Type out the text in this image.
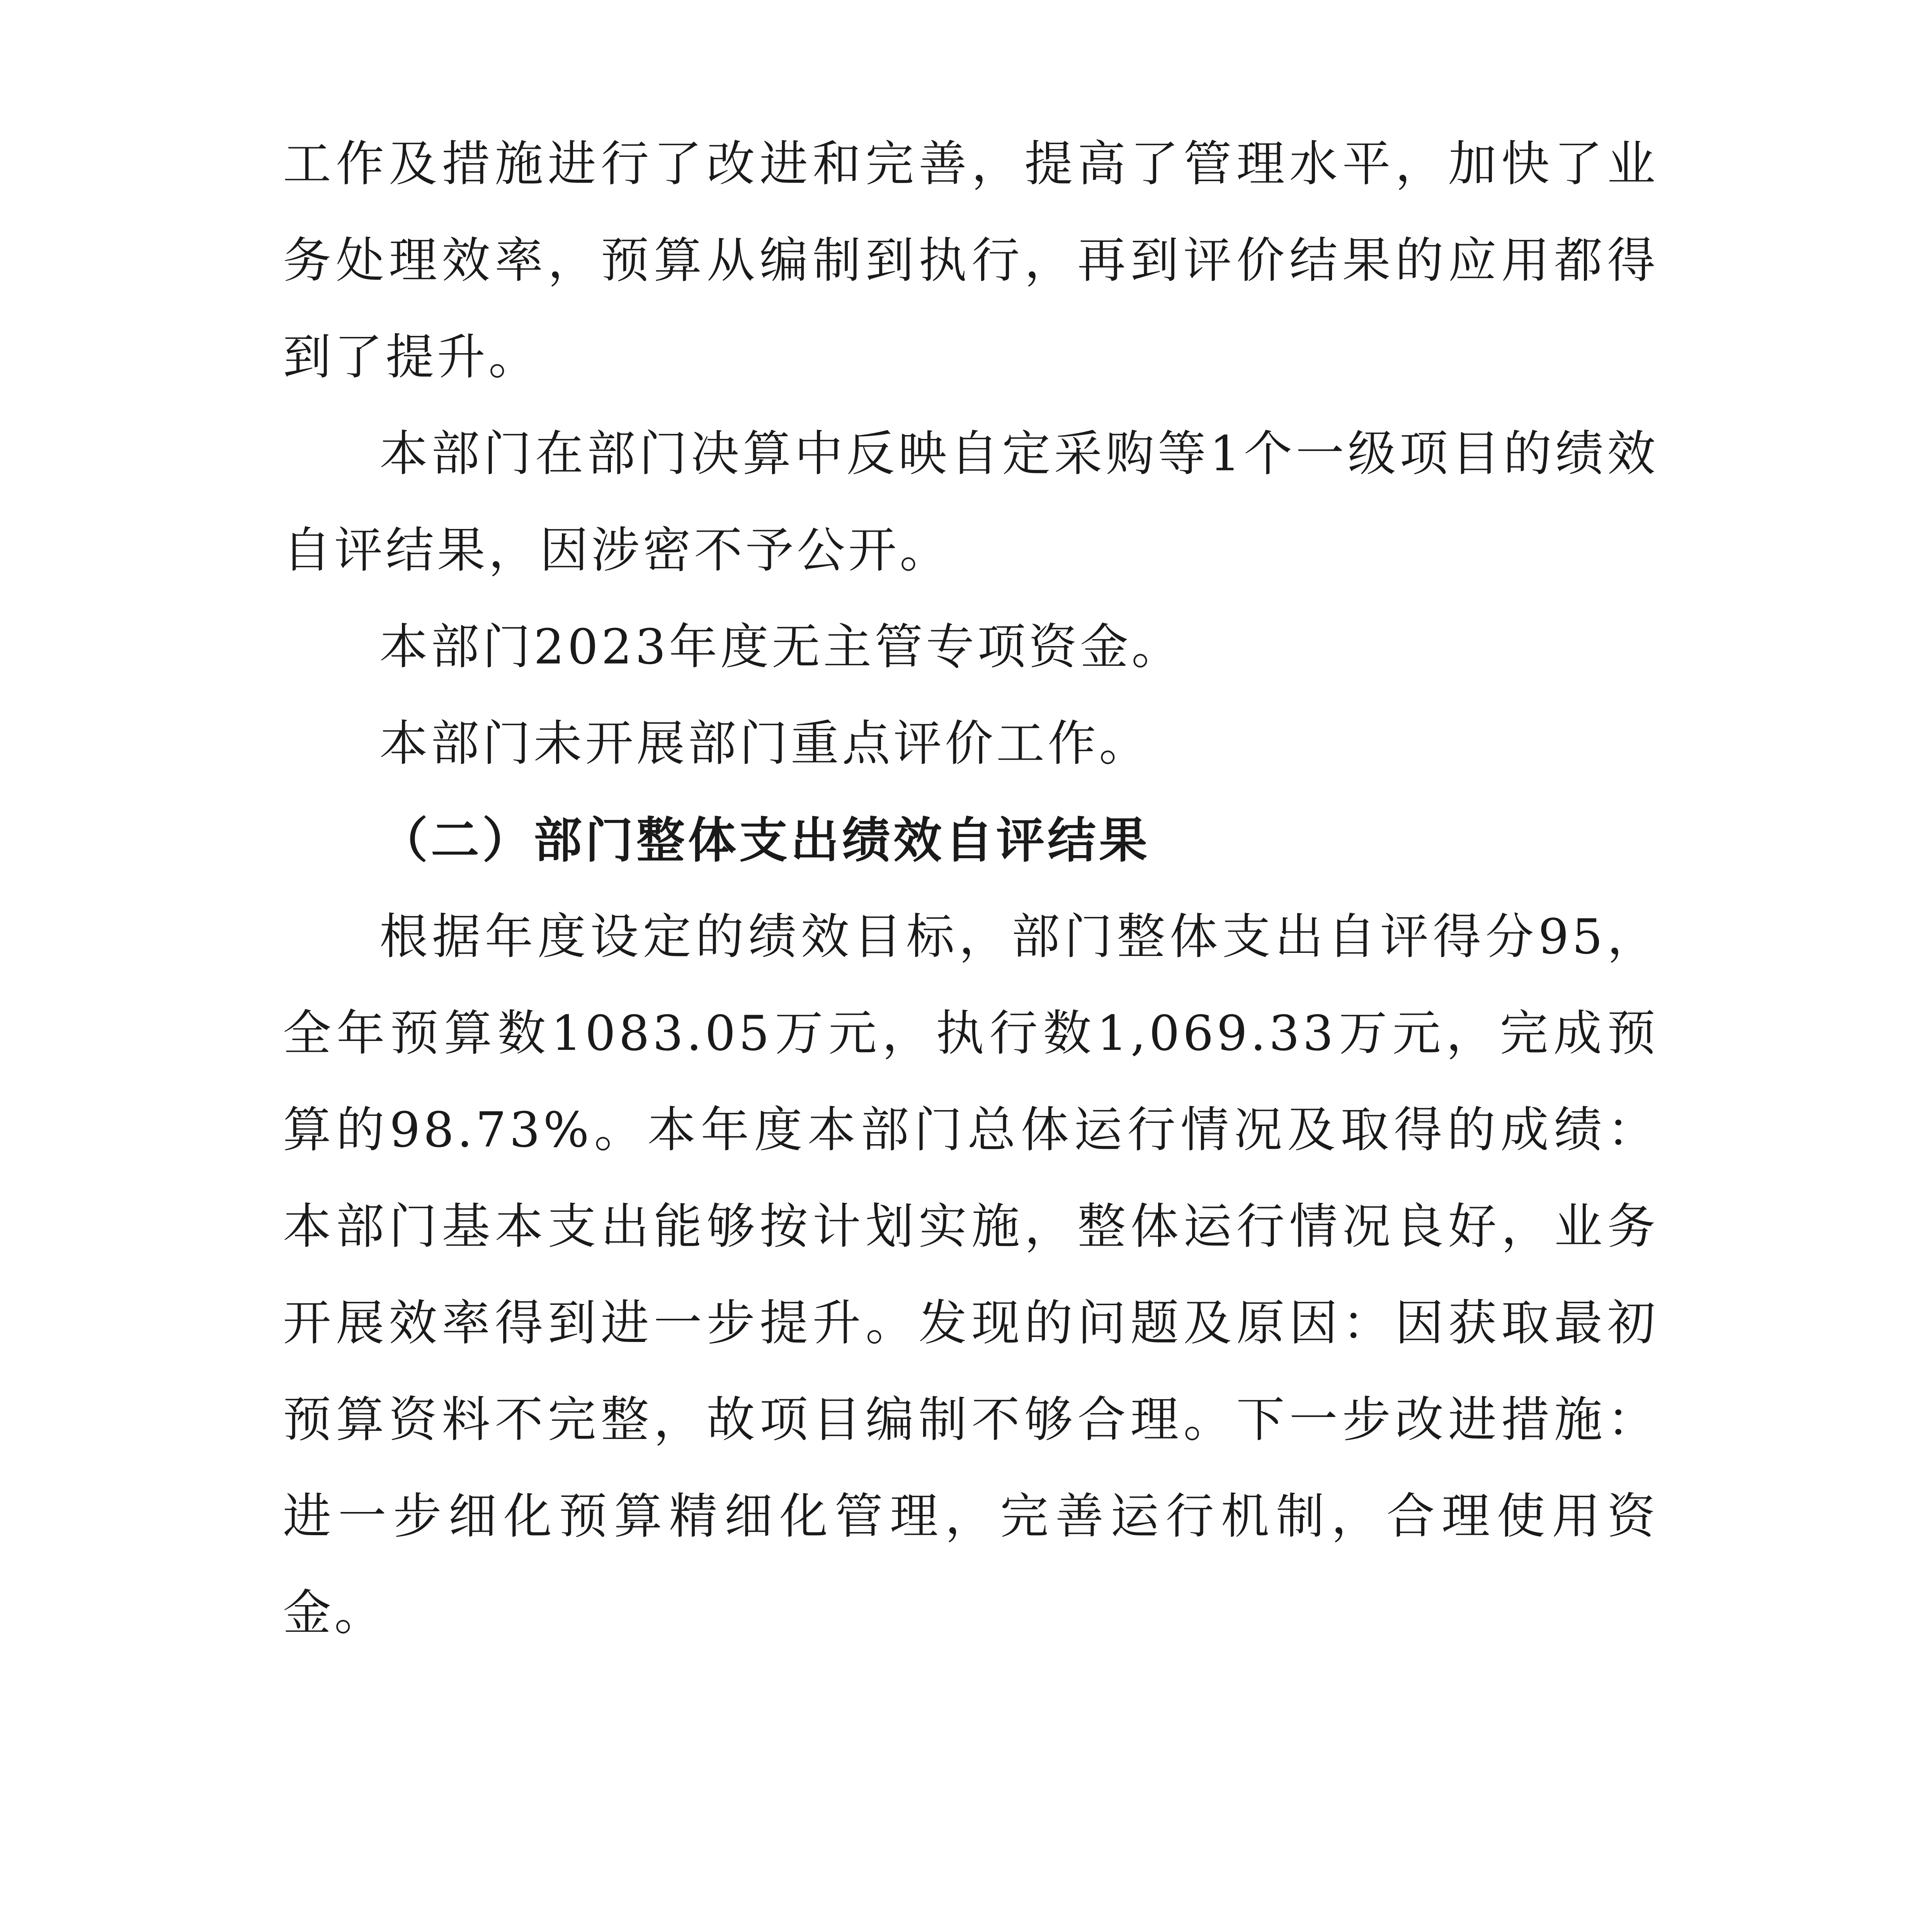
工作及措施进行了改进和完善，提高了管理水平，加快了业务处理效率，预算从编制到执行，再到评价结果的应用都得到了提升。

本部门在部门决算中反映自定采购等1个一级项目的绩效自评结果，因涉密不予公开。

本部门2023年度无主管专项资金。

本部门未开展部门重点评价工作。

（二）部门整体支出绩效自评结果

根据年度设定的绩效目标，部门整体支出自评得分95，全年预算数1083.05万元，执行数1,069.33万元，完成预算的98.73%。本年度本部门总体运行情况及取得的成绩：本部门基本支出能够按计划实施，整体运行情况良好，业务开展效率得到进一步提升。发现的问题及原因：因获取最初预算资料不完整，故项目编制不够合理。下一步改进措施：进一步细化预算精细化管理，完善运行机制，合理使用资金。
